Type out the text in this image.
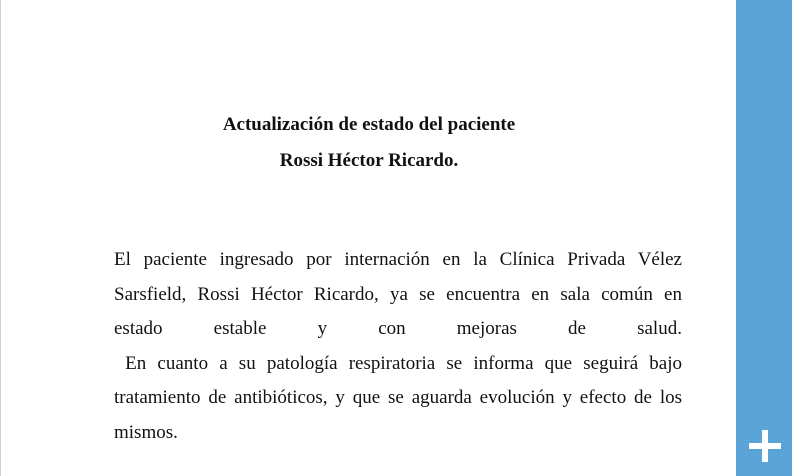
Actualización de estado del paciente
Rossi Héctor Ricardo.
El paciente ingresado por internación en la Clínica Privada Vélez
Sarsfield, Rossi Héctor Ricardo, ya se encuentra en sala común en
estado	estable	y	con	mejoras	de	salud.
En cuanto a su patología respiratoria se informa que seguirá bajo
tratamiento de antibióticos, y que se aguarda evolución y efecto de los
mismos.
